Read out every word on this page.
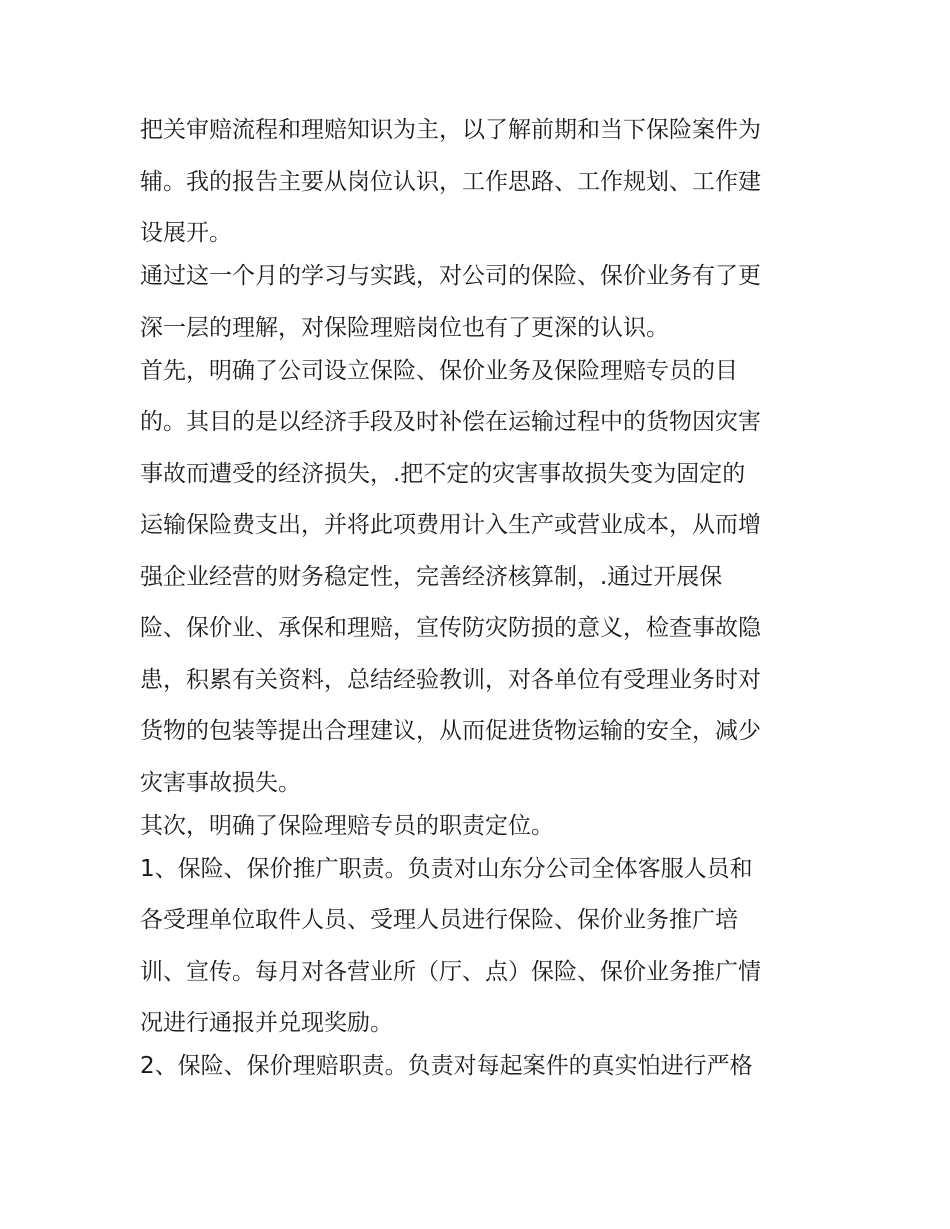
把关审赔流程和理赔知识为主，以了解前期和当下保险案件为
辅。我的报告主要从岗位认识，工作思路、工作规划、工作建
设展开。
通过这一个月的学习与实践，对公司的保险、保价业务有了更
深一层的理解，对保险理赔岗位也有了更深的认识。
首先，明确了公司设立保险、保价业务及保险理赔专员的目
的。其目的是以经济手段及时补偿在运输过程中的货物因灾害
事故而遭受的经济损失，.把不定的灾害事故损失变为固定的
运输保险费支出，并将此项费用计入生产或营业成本，从而增
强企业经营的财务稳定性，完善经济核算制，.通过开展保
险、保价业、承保和理赔，宣传防灾防损的意义，检查事故隐
患，积累有关资料，总结经验教训，对各单位有受理业务时对
货物的包装等提出合理建议，从而促进货物运输的安全，减少
灾害事故损失。
其次，明确了保险理赔专员的职责定位。
1、保险、保价推广职责。负责对山东分公司全体客服人员和
各受理单位取件人员、受理人员进行保险、保价业务推广培
训、宣传。每月对各营业所（厅、点）保险、保价业务推广情
况进行通报并兑现奖励。
2、保险、保价理赔职责。负责对每起案件的真实怕进行严格
